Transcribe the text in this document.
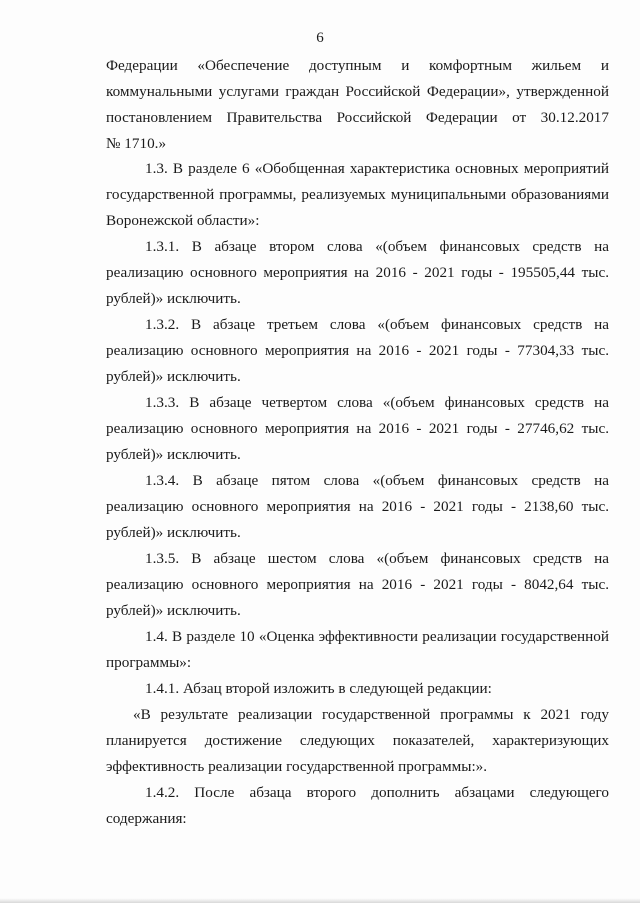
6
Федерации «Обеспечение доступным и комфортным жильем и
коммунальными услугами граждан Российской Федерации», утвержденной
постановлением Правительства Российской Федерации от 30.12.2017
№ 1710.»
1.3. В разделе 6 «Обобщенная характеристика основных мероприятий
государственной программы, реализуемых муниципальными образованиями
Воронежской области»:
1.3.1. В абзаце втором слова «(объем финансовых средств на
реализацию основного мероприятия на 2016 - 2021 годы - 195505,44 тыс.
рублей)» исключить.
1.3.2. В абзаце третьем слова «(объем финансовых средств на
реализацию основного мероприятия на 2016 - 2021 годы - 77304,33 тыс.
рублей)» исключить.
1.3.3. В абзаце четвертом слова «(объем финансовых средств на
реализацию основного мероприятия на 2016 - 2021 годы - 27746,62 тыс.
рублей)» исключить.
1.3.4. В абзаце пятом слова «(объем финансовых средств на
реализацию основного мероприятия на 2016 - 2021 годы - 2138,60 тыс.
рублей)» исключить.
1.3.5. В абзаце шестом слова «(объем финансовых средств на
реализацию основного мероприятия на 2016 - 2021 годы - 8042,64 тыс.
рублей)» исключить.
1.4. В разделе 10 «Оценка эффективности реализации государственной
программы»:
1.4.1. Абзац второй изложить в следующей редакции:
«В результате реализации государственной программы к 2021 году
планируется достижение следующих показателей, характеризующих
эффективность реализации государственной программы:».
1.4.2. После абзаца второго дополнить абзацами следующего
содержания:
